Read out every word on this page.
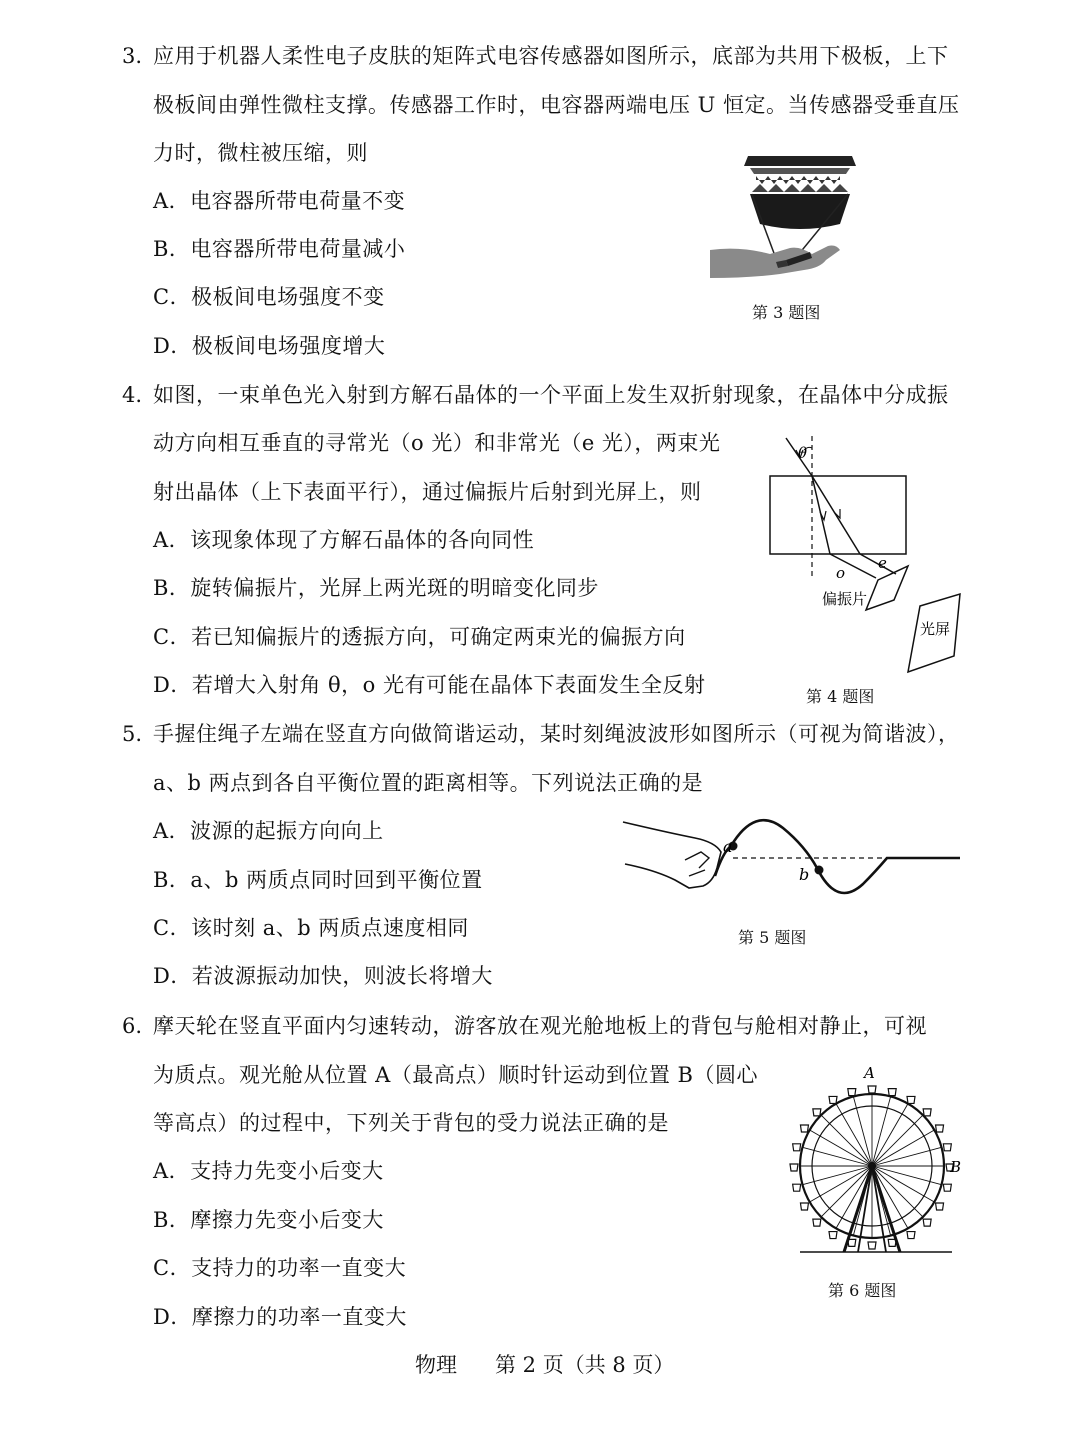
3. 应用于机器人柔性电子皮肤的矩阵式电容传感器如图所示，底部为共用下极板，上下
极板间由弹性微柱支撑。传感器工作时，电容器两端电压 U 恒定。当传感器受垂直压
力时，微柱被压缩，则
A．电容器所带电荷量不变
B．电容器所带电荷量减小
C．极板间电场强度不变
D．极板间电场强度增大
第 3 题图
4. 如图，一束单色光入射到方解石晶体的一个平面上发生双折射现象，在晶体中分成振
动方向相互垂直的寻常光（o 光）和非常光（e 光），两束光
射出晶体（上下表面平行），通过偏振片后射到光屏上，则
A．该现象体现了方解石晶体的各向同性
B．旋转偏振片，光屏上两光斑的明暗变化同步
C．若已知偏振片的透振方向，可确定两束光的偏振方向
D．若增大入射角 θ，o 光有可能在晶体下表面发生全反射
θ
o
e
偏振片
光屏
第 4 题图
5. 手握住绳子左端在竖直方向做简谐运动，某时刻绳波波形如图所示（可视为简谐波），
a、b 两点到各自平衡位置的距离相等。下列说法正确的是
A．波源的起振方向向上
B．a、b 两质点同时回到平衡位置
C．该时刻 a、b 两质点速度相同
D．若波源振动加快，则波长将增大
a
b
第 5 题图
6. 摩天轮在竖直平面内匀速转动，游客放在观光舱地板上的背包与舱相对静止，可视
为质点。观光舱从位置 A（最高点）顺时针运动到位置 B（圆心
等高点）的过程中，下列关于背包的受力说法正确的是
A．支持力先变小后变大
B．摩擦力先变小后变大
C．支持力的功率一直变大
D．摩擦力的功率一直变大
A
B
第 6 题图
物理 第 2 页（共 8 页）
